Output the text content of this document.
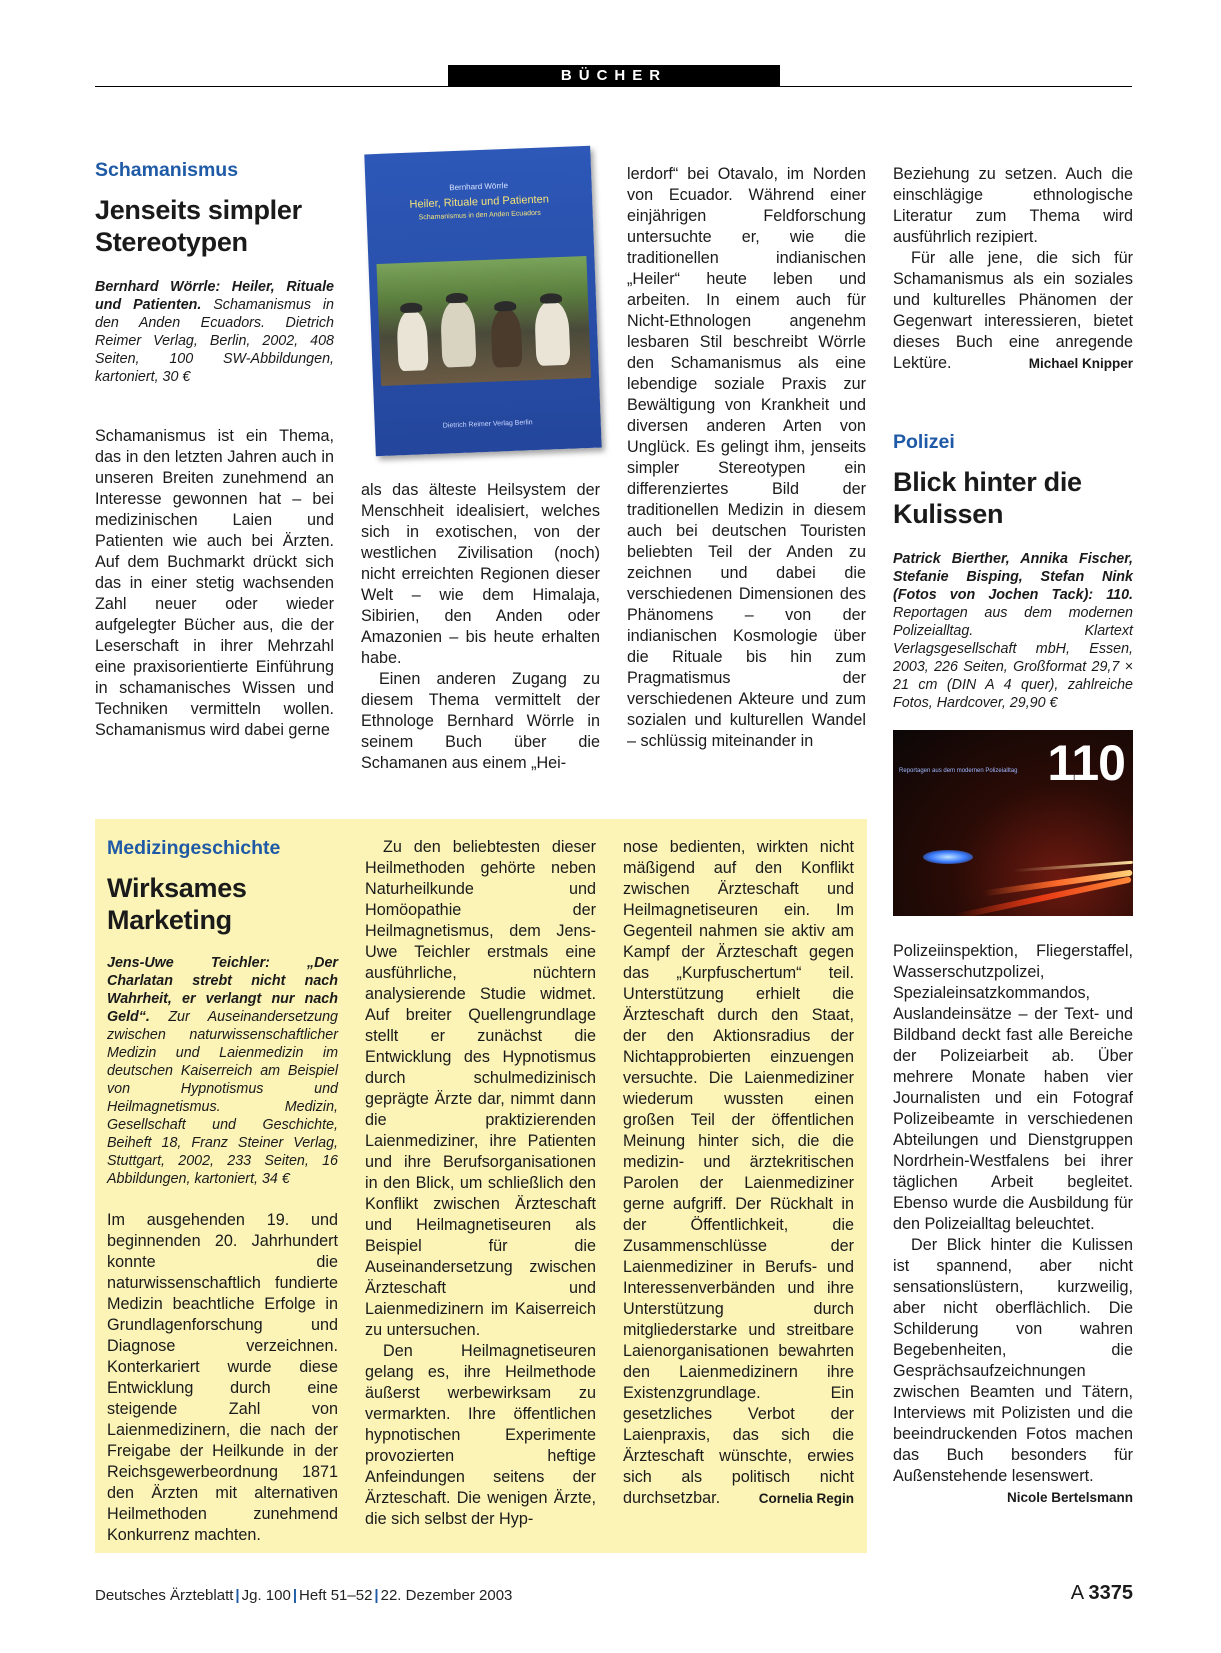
BÜCHER
Schamanismus
Jenseits simpler
Stereotypen
Bernhard Wörrle: Heiler, Rituale und Patienten. Schamanismus in den Anden Ecuadors. Dietrich Reimer Verlag, Berlin, 2002, 408 Seiten, 100 SW-Abbildungen, kartoniert, 30 €

Schamanismus ist ein Thema, das in den letzten Jahren auch in unseren Breiten zunehmend an Interesse gewonnen hat – bei medizinischen Laien und Patienten wie auch bei Ärzten. Auf dem Buchmarkt drückt sich das in einer stetig wachsenden Zahl neuer oder wieder aufgelegter Bücher aus, die der Leserschaft in ihrer Mehrzahl eine praxisorientierte Einführung in schamanisches Wissen und Techniken vermitteln wollen. Schamanismus wird dabei gerne

Bernhard Wörrle
Heiler, Rituale und Patienten
Schamanismus in den Anden Ecuadors
Dietrich Reimer Verlag Berlin

als das älteste Heilsystem der Menschheit idealisiert, welches sich in exotischen, von der westlichen Zivilisation (noch) nicht erreichten Regionen dieser Welt – wie dem Himalaja, Sibirien, den Anden oder Amazonien – bis heute erhalten habe.

Einen anderen Zugang zu diesem Thema vermittelt der Ethnologe Bernhard Wörrle in seinem Buch über die Schamanen aus einem „Hei-

lerdorf“ bei Otavalo, im Norden von Ecuador. Während einer einjährigen Feldforschung untersuchte er, wie die traditionellen indianischen „Heiler“ heute leben und arbeiten. In einem auch für Nicht-Ethnologen angenehm lesbaren Stil beschreibt Wörrle den Schamanismus als eine lebendige soziale Praxis zur Bewältigung von Krankheit und diversen anderen Arten von Unglück. Es gelingt ihm, jenseits simpler Stereotypen ein differenziertes Bild der traditionellen Medizin in diesem auch bei deutschen Touristen beliebten Teil der Anden zu zeichnen und dabei die verschiedenen Dimensionen des Phänomens – von der indianischen Kosmologie über die Rituale bis hin zum Pragmatismus der verschiedenen Akteure und zum sozialen und kulturellen Wandel – schlüssig miteinander in

Beziehung zu setzen. Auch die einschlägige ethnologische Literatur zum Thema wird ausführlich rezipiert.

Für alle jene, die sich für Schamanismus als ein soziales und kulturelles Phänomen der Gegenwart interessieren, bietet dieses Buch eine anregende Lektüre.	Michael Knipper

Polizei
Blick hinter die
Kulissen
Patrick Bierther, Annika Fischer, Stefanie Bisping, Stefan Nink (Fotos von Jochen Tack): 110. Reportagen aus dem modernen Polizeialltag. Klartext Verlagsgesellschaft mbH, Essen, 2003, 226 Seiten, Großformat 29,7 × 21 cm (DIN A 4 quer), zahlreiche Fotos, Hardcover, 29,90 €
110
Reportagen aus dem modernen Polizeialltag

Polizeiinspektion, Fliegerstaffel, Wasserschutzpolizei, Spezialeinsatzkommandos, Auslandeinsätze – der Text- und Bildband deckt fast alle Bereiche der Polizeiarbeit ab. Über mehrere Monate haben vier Journalisten und ein Fotograf Polizeibeamte in verschiedenen Abteilungen und Dienstgruppen Nordrhein-Westfalens bei ihrer täglichen Arbeit begleitet. Ebenso wurde die Ausbildung für den Polizeialltag beleuchtet.

Der Blick hinter die Kulissen ist spannend, aber nicht sensationslüstern, kurzweilig, aber nicht oberflächlich. Die Schilderung von wahren Begebenheiten, die Gesprächsaufzeichnungen zwischen Beamten und Tätern, Interviews mit Polizisten und die beeindruckenden Fotos machen das Buch besonders für Außenstehende lesenswert.
Nicole Bertelsmann

Medizingeschichte
Wirksames
Marketing
Jens-Uwe Teichler: „Der Charlatan strebt nicht nach Wahrheit, er verlangt nur nach Geld“. Zur Auseinandersetzung zwischen naturwissenschaftlicher Medizin und Laienmedizin im deutschen Kaiserreich am Beispiel von Hypnotismus und Heilmagnetismus. Medizin, Gesellschaft und Geschichte, Beiheft 18, Franz Steiner Verlag, Stuttgart, 2002, 233 Seiten, 16 Abbildungen, kartoniert, 34 €

Im ausgehenden 19. und beginnenden 20. Jahrhundert konnte die naturwissenschaftlich fundierte Medizin beachtliche Erfolge in Grundlagenforschung und Diagnose verzeichnen. Konterkariert wurde diese Entwicklung durch eine steigende Zahl von Laienmedizinern, die nach der Freigabe der Heilkunde in der Reichsgewerbeordnung 1871 den Ärzten mit alternativen Heilmethoden zunehmend Konkurrenz machten.

Zu den beliebtesten dieser Heilmethoden gehörte neben Naturheilkunde und Homöopathie der Heilmagnetismus, dem Jens-Uwe Teichler erstmals eine ausführliche, nüchtern analysierende Studie widmet. Auf breiter Quellengrundlage stellt er zunächst die Entwicklung des Hypnotismus durch schulmedizinisch geprägte Ärzte dar, nimmt dann die praktizierenden Laienmediziner, ihre Patienten und ihre Berufsorganisationen in den Blick, um schließlich den Konflikt zwischen Ärzteschaft und Heilmagnetiseuren als Beispiel für die Auseinandersetzung zwischen Ärzteschaft und Laienmedizinern im Kaiserreich zu untersuchen.

Den Heilmagnetiseuren gelang es, ihre Heilmethode äußerst werbewirksam zu vermarkten. Ihre öffentlichen hypnotischen Experimente provozierten heftige Anfeindungen seitens der Ärzteschaft. Die wenigen Ärzte, die sich selbst der Hyp-

nose bedienten, wirkten nicht mäßigend auf den Konflikt zwischen Ärzteschaft und Heilmagnetiseuren ein. Im Gegenteil nahmen sie aktiv am Kampf der Ärzteschaft gegen das „Kurpfuschertum“ teil. Unterstützung erhielt die Ärzteschaft durch den Staat, der den Aktionsradius der Nichtapprobierten einzuengen versuchte. Die Laienmediziner wiederum wussten einen großen Teil der öffentlichen Meinung hinter sich, die die medizin- und ärztekritischen Parolen der Laienmediziner gerne aufgriff. Der Rückhalt in der Öffentlichkeit, die Zusammenschlüsse der Laienmediziner in Berufs- und Interessenverbänden und ihre Unterstützung durch mitgliederstarke und streitbare Laienorganisationen bewahrten den Laienmedizinern ihre Existenzgrundlage. Ein gesetzliches Verbot der Laienpraxis, das sich die Ärzteschaft wünschte, erwies sich als politisch nicht durchsetzbar.	Cornelia Regin

Deutsches Ärzteblatt | Jg. 100 | Heft 51–52 | 22. Dezember 2003	A 3375
